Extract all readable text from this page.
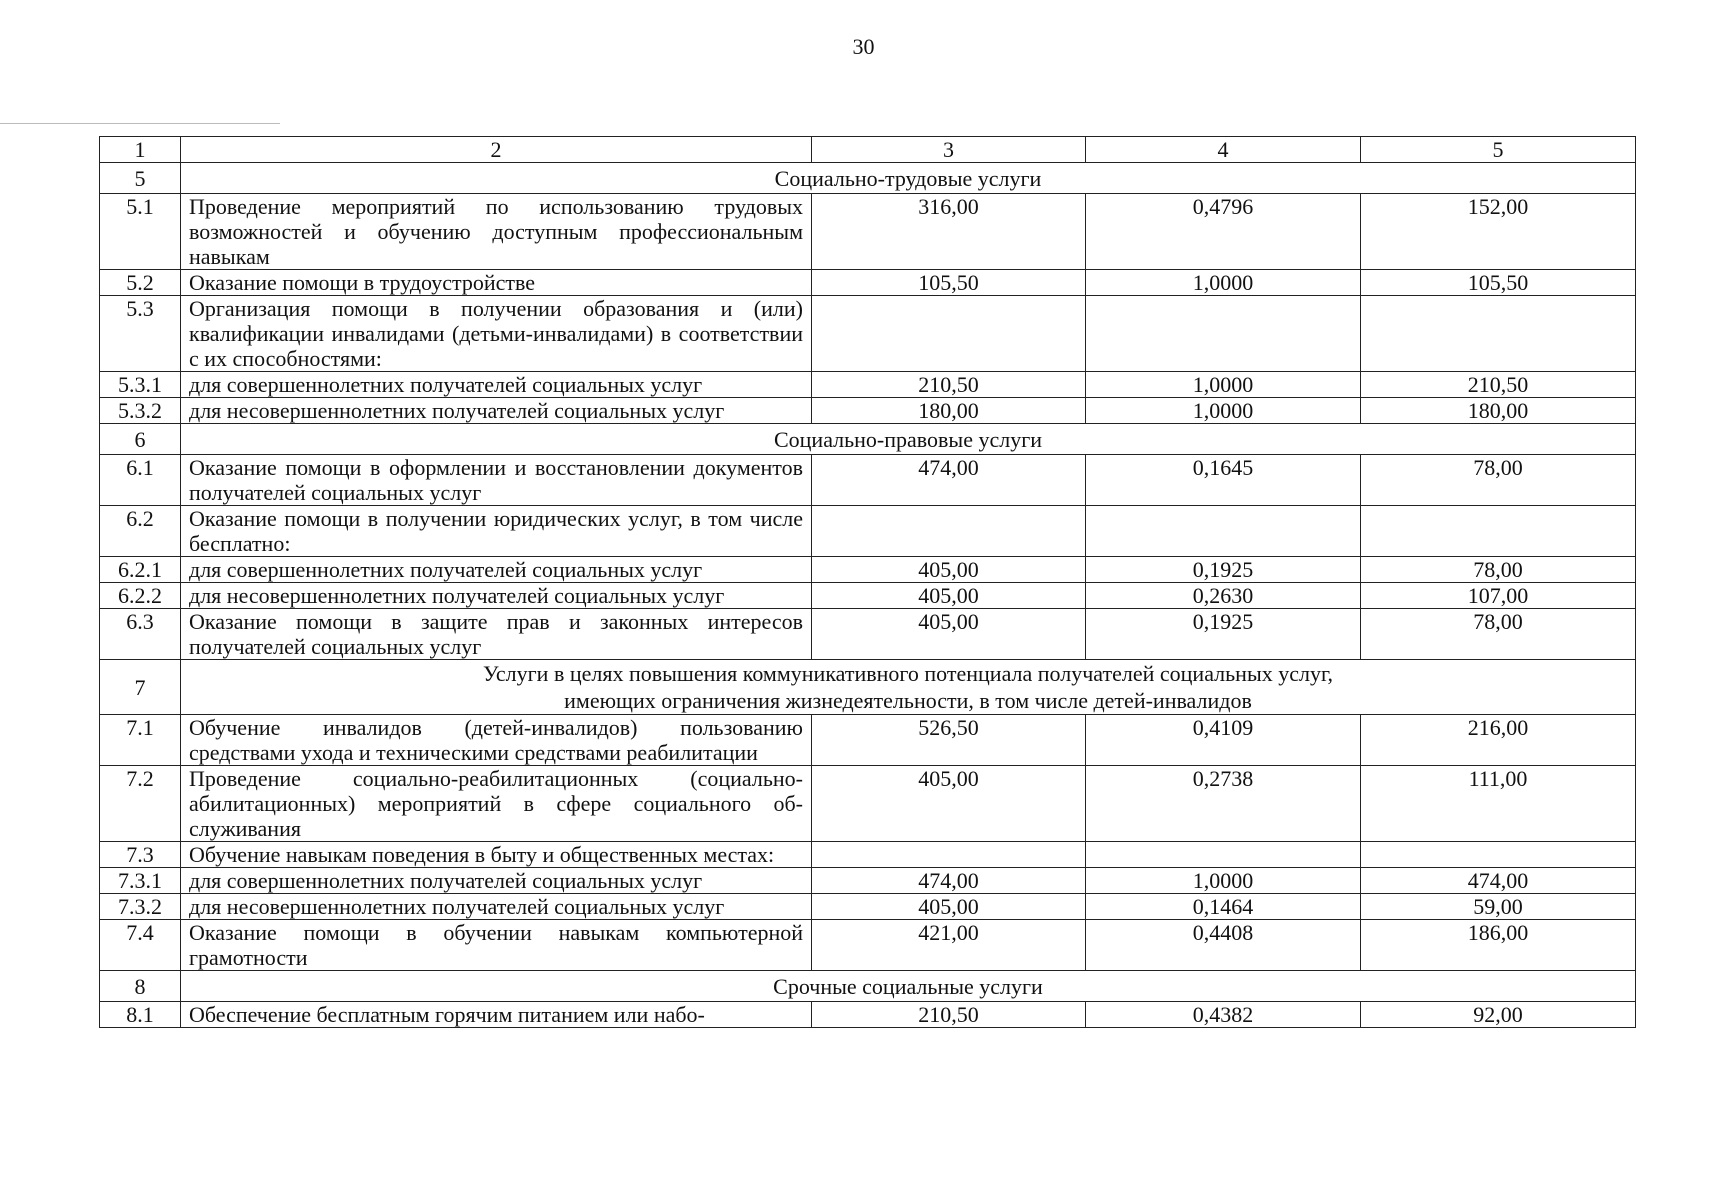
30
1	2	3	4	5
5	Социально-трудовые услуги			

5.1	Проведение мероприятий по использованию трудовых возможностей и обучению доступным профессиональным навыкам	316,00	0,4796	152,00
5.2	Оказание помощи в трудоустройстве	105,50	1,0000	105,50
5.3	Организация помощи в получении образования и (или) квалификации инвалидами (детьми-инвалидами) в соответствии с их способностями:			
5.3.1	для совершеннолетних получателей социальных услуг	210,50	1,0000	210,50
5.3.2	для несовершеннолетних получателей социальных услуг	180,00	1,0000	180,00
6	Социально-правовые услуги			

6.1	Оказание помощи в оформлении и восстановлении документов получателей социальных услуг	474,00	0,1645	78,00
6.2	Оказание помощи в получении юридических услуг, в том числе бесплатно:			
6.2.1	для совершеннолетних получателей социальных услуг	405,00	0,1925	78,00
6.2.2	для несовершеннолетних получателей социальных услуг	405,00	0,2630	107,00
6.3	Оказание помощи в защите прав и законных интересов получателей социальных услуг	405,00	0,1925	78,00
7	Услуги в целях повышения коммуникативного потенциала получателей социальных услуг,
имеющих ограничения жизнедеятельности, в том числе детей-инвалидов			

7.1	Обучение инвалидов (детей-инвалидов) пользованию средствами ухода и техническими средствами реабилитации	526,50	0,4109	216,00
7.2	Проведение социально-реабилитационных (социально-абилитационных) мероприятий в сфере социального обслуживания	405,00	0,2738	111,00
7.3	Обучение навыкам поведения в быту и общественных местах:			
7.3.1	для совершеннолетних получателей социальных услуг	474,00	1,0000	474,00
7.3.2	для несовершеннолетних получателей социальных услуг	405,00	0,1464	59,00
7.4	Оказание помощи в обучении навыкам компьютерной грамотности	421,00	0,4408	186,00
8	Срочные социальные услуги			

8.1	Обеспечение бесплатным горячим питанием или набо-	210,50	0,4382	92,00
